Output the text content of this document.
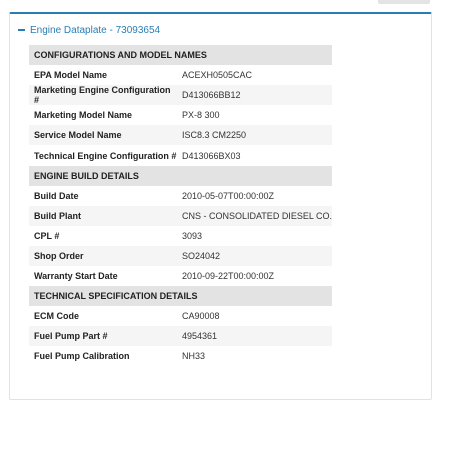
Engine Dataplate - 73093654
CONFIGURATIONS AND MODEL NAMES	
EPA Model Name	ACEXH0505CAC
Marketing Engine Configuration #	D413066BB12
Marketing Model Name	PX-8 300
Service Model Name	ISC8.3 CM2250
Technical Engine Configuration #	D413066BX03
ENGINE BUILD DETAILS	
Build Date	2010-05-07T00:00:00Z
Build Plant	CNS - CONSOLIDATED DIESEL CO.
CPL #	3093
Shop Order	SO24042
Warranty Start Date	2010-09-22T00:00:00Z
TECHNICAL SPECIFICATION DETAILS	
ECM Code	CA90008
Fuel Pump Part #	4954361
Fuel Pump Calibration	NH33
